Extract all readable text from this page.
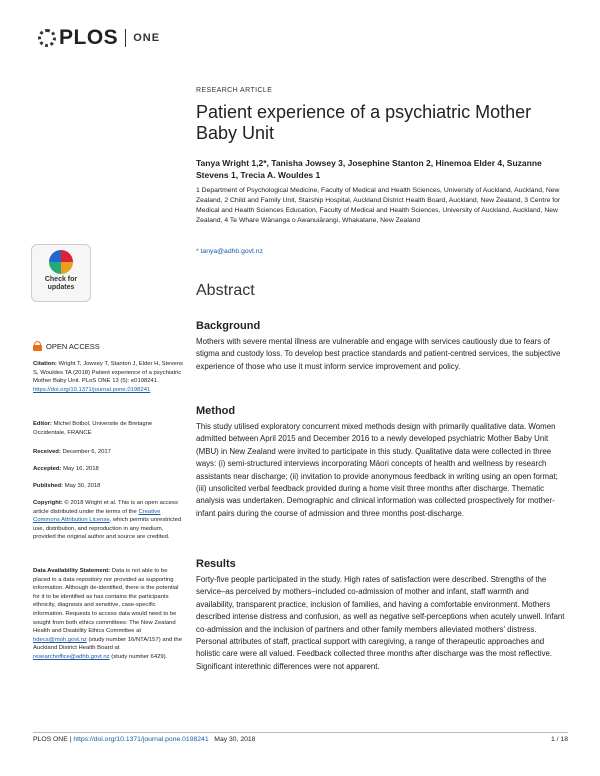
PLOS ONE
RESEARCH ARTICLE
Patient experience of a psychiatric Mother Baby Unit
Tanya Wright 1,2*, Tanisha Jowsey 3, Josephine Stanton 2, Hinemoa Elder 4, Suzanne Stevens 1, Trecia A. Wouldes 1
1 Department of Psychological Medicine, Faculty of Medical and Health Sciences, University of Auckland, Auckland, New Zealand, 2 Child and Family Unit, Starship Hospital, Auckland District Health Board, Auckland, New Zealand, 3 Centre for Medical and Health Sciences Education, Faculty of Medical and Health Sciences, University of Auckland, Auckland, New Zealand, 4 Te Whare Wānanga o Awanuiārangi, Whakatane, New Zealand
* tanya@adhb.govt.nz
Check for
updates	Abstract
Background
Mothers with severe mental illness are vulnerable and engage with services cautiously due to fears of stigma and custody loss. To develop best practice standards and patient-centred services, the subjective experience of those who use it must inform service improvement and policy.
Method
This study utilised exploratory concurrent mixed methods design with primarily qualitative data. Women admitted between April 2015 and December 2016 to a newly developed psychiatric Mother Baby Unit (MBU) in New Zealand were invited to participate in this study. Qualitative data were collected in three ways: (i) semi-structured interviews incorporating Māori concepts of health and wellness by research assistants near discharge; (ii) invitation to provide anonymous feedback in writing using an open format; (iii) unsolicited verbal feedback provided during a home visit three months after discharge. Thematic analysis was undertaken. Demographic and clinical information was collected prospectively for mother-infant pairs during the course of admission and three months post-discharge.
Results
Forty-five people participated in the study. High rates of satisfaction were described. Strengths of the service–as perceived by mothers–included co-admission of mother and infant, staff warmth and availability, transparent practice, inclusion of families, and having a comfortable environment. Mothers described intense distress and confusion, as well as negative self-perceptions when acutely unwell. Infant co-admission and the inclusion of partners and other family members alleviated mothers' distress. Personal attributes of staff, practical support with caregiving, a range of therapeutic approaches and holistic care were all valued. Feedback collected three months after discharge was the most reflective. Significant interethnic differences were not apparent.
OPEN ACCESS
Citation: Wright T, Jowsey T, Stanton J, Elder H, Stevens S, Wouldes TA (2018) Patient experience of a psychiatric Mother Baby Unit. PLoS ONE 13 (5): e0198241. https://doi.org/10.1371/journal.pone.0198241
Editor: Michel Botbol, Universite de Bretagne Occidentale, FRANCE
Received: December 6, 2017
Accepted: May 16, 2018
Published: May 30, 2018
Copyright: © 2018 Wright et al. This is an open access article distributed under the terms of the Creative Commons Attribution License, which permits unrestricted use, distribution, and reproduction in any medium, provided the original author and source are credited.
Data Availability Statement: Data is not able to be placed in a data repository nor provided as supporting information. Although de-identified, there is the potential for it to be identified as has contains the participants ethnicity, diagnosis and sensitive, case-specific information. Requests to access data would need to be sought from both ethics committees: The New Zealand Health and Disability Ethics Committee at hdecs@moh.govt.nz (study number 16/NTA/157) and the Auckland District Health Board at researchoffice@adhb.govt.nz (study number 6429).
PLOS ONE | https://doi.org/10.1371/journal.pone.0198241 May 30, 2018	1 / 18
